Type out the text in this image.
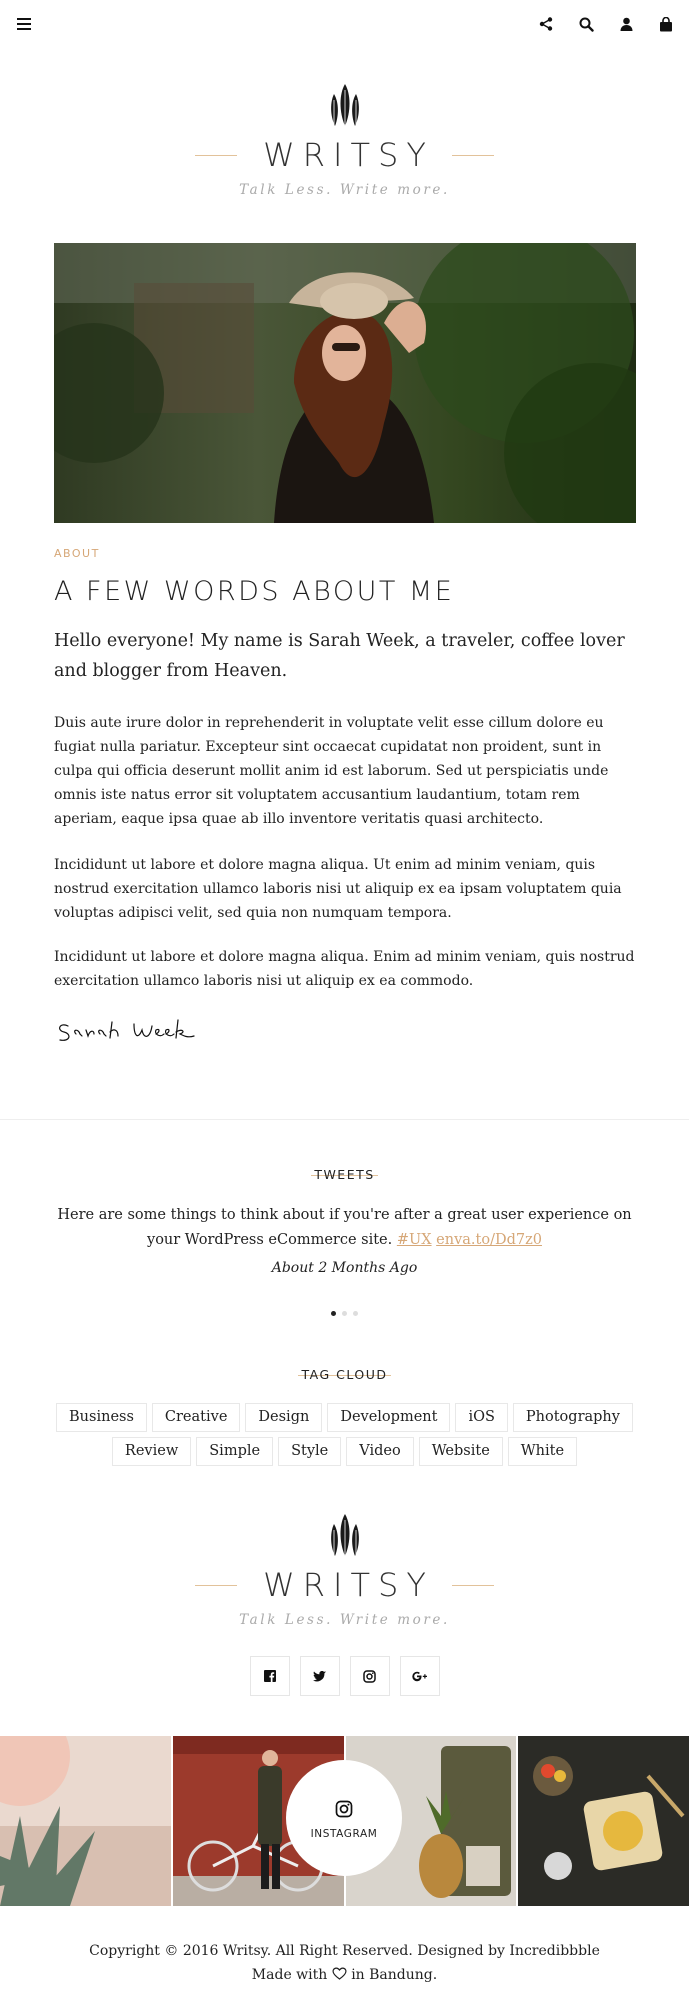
WRITSY
Talk Less. Write more.
ABOUT
A FEW WORDS ABOUT ME

Hello everyone! My name is Sarah Week, a traveler, coffee lover and blogger from Heaven.

Duis aute irure dolor in reprehenderit in voluptate velit esse cillum dolore eu fugiat nulla pariatur. Excepteur sint occaecat cupidatat non proident, sunt in culpa qui officia deserunt mollit anim id est laborum. Sed ut perspiciatis unde omnis iste natus error sit voluptatem accusantium laudantium, totam rem aperiam, eaque ipsa quae ab illo inventore veritatis quasi architecto.

Incididunt ut labore et dolore magna aliqua. Ut enim ad minim veniam, quis nostrud exercitation ullamco laboris nisi ut aliquip ex ea ipsam voluptatem quia voluptas adipisci velit, sed quia non numquam tempora.

Incididunt ut labore et dolore magna aliqua. Enim ad minim veniam, quis nostrud exercitation ullamco laboris nisi ut aliquip ex ea commodo.

TWEETS

Here are some things to think about if you're after a great user experience on your WordPress eCommerce site. #UX enva.to/Dd7z0

About 2 Months Ago
TAG CLOUD
Business	Creative	Design	Development	iOS	Photography
Review	Simple	Style	Video	Website	White
WRITSY
Talk Less. Write more.
INSTAGRAM
Copyright © 2016 Writsy. All Right Reserved. Designed by Incredibbble
Made with in Bandung.
